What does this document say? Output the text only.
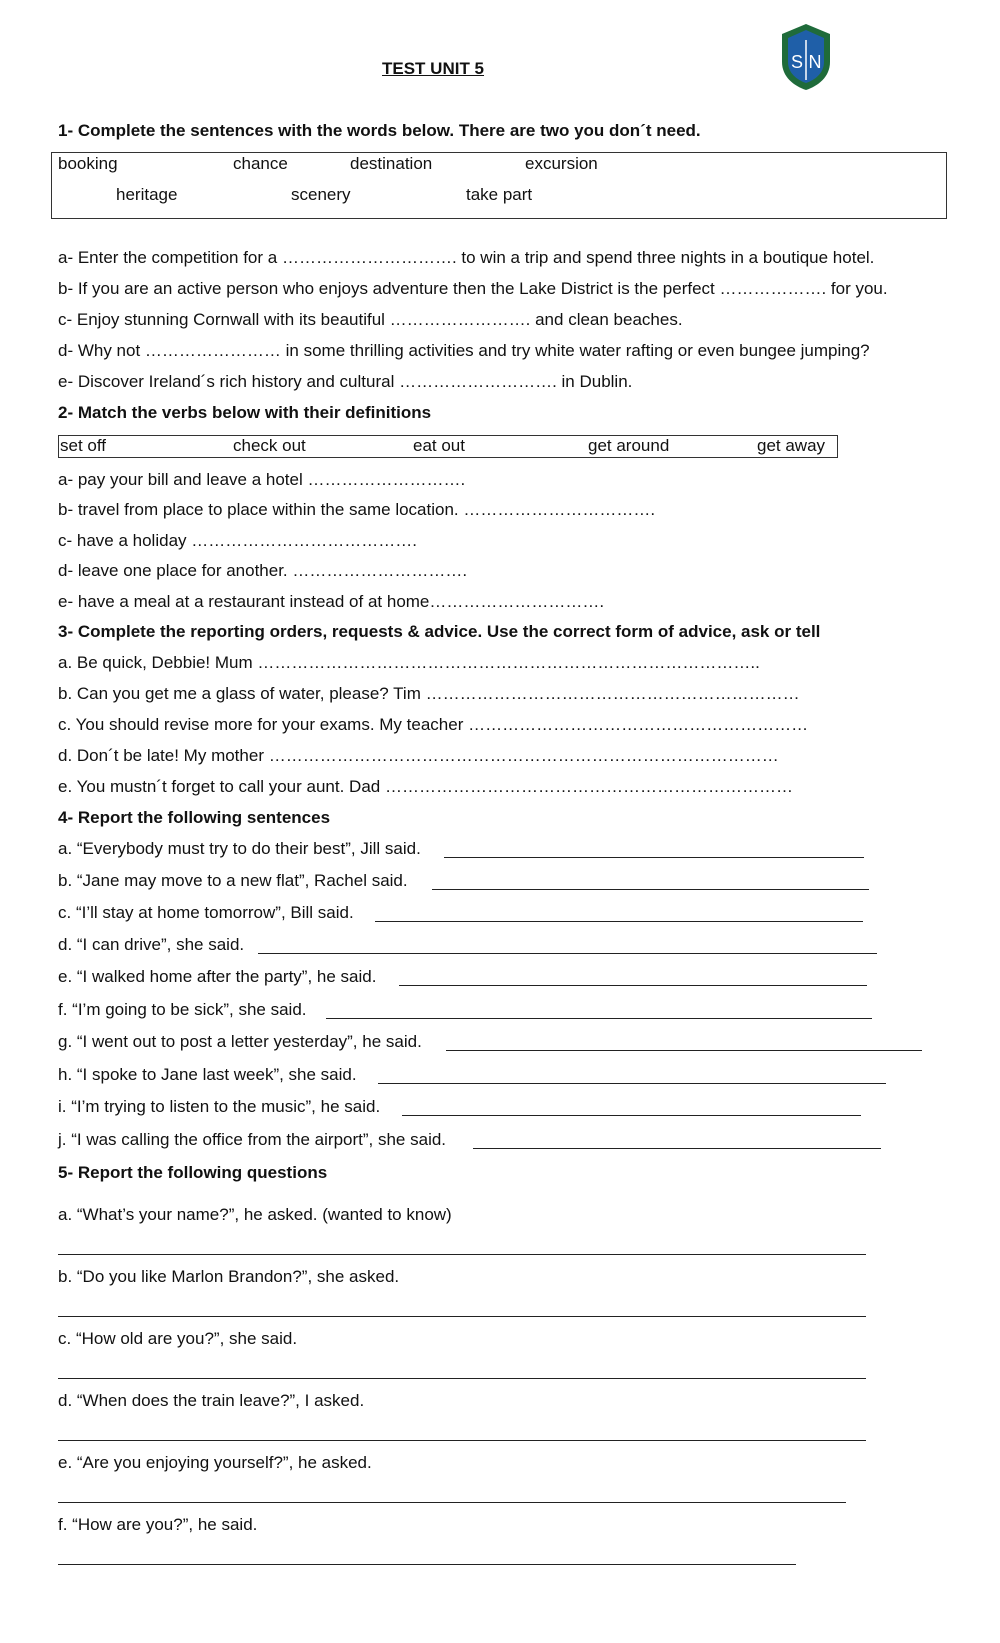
TEST UNIT 5	S N
1- Complete the sentences with the words below. There are two you don´t need.
booking	chance	destination	excursion
heritage	scenery	take part
a- Enter the competition for a …………………………. to win a trip and spend three nights in a boutique hotel.
b- If you are an active person who enjoys adventure then the Lake District is the perfect ………………. for you.
c- Enjoy stunning Cornwall with its beautiful ……………………. and clean beaches.
d- Why not …………………… in some thrilling activities and try white water rafting or even bungee jumping?
e- Discover Ireland´s rich history and cultural ………………………. in Dublin.
2- Match the verbs below with their definitions
set off	check out	eat out	get around	get away
a- pay your bill and leave a hotel ……………………….
b- travel from place to place within the same location. …………………………….
c- have a holiday ………………………………….
d- leave one place for another. ………………………….
e- have a meal at a restaurant instead of at home………………………….
3- Complete the reporting orders, requests & advice. Use the correct form of advice, ask or tell
a. Be quick, Debbie! Mum ……………………………………………………………………………..
b. Can you get me a glass of water, please? Tim …………………………………………………………
c. You should revise more for your exams. My teacher ……………………………………………………
d. Don´t be late! My mother ………………………………………………………………………………
e. You mustn´t forget to call your aunt. Dad ………………………………………………………………
4- Report the following sentences
a. “Everybody must try to do their best”, Jill said.
b. “Jane may move to a new flat”, Rachel said.
c. “I’ll stay at home tomorrow”, Bill said.
d. “I can drive”, she said.
e. “I walked home after the party”, he said.
f. “I’m going to be sick”, she said.
g. “I went out to post a letter yesterday”, he said.
h. “I spoke to Jane last week”, she said.
i. “I’m trying to listen to the music”, he said.
j. “I was calling the office from the airport”, she said.
5- Report the following questions
a. “What’s your name?”, he asked. (wanted to know)
b. “Do you like Marlon Brandon?”, she asked.
c. “How old are you?”, she said.
d. “When does the train leave?”, I asked.
e. “Are you enjoying yourself?”, he asked.
f. “How are you?”, he said.
